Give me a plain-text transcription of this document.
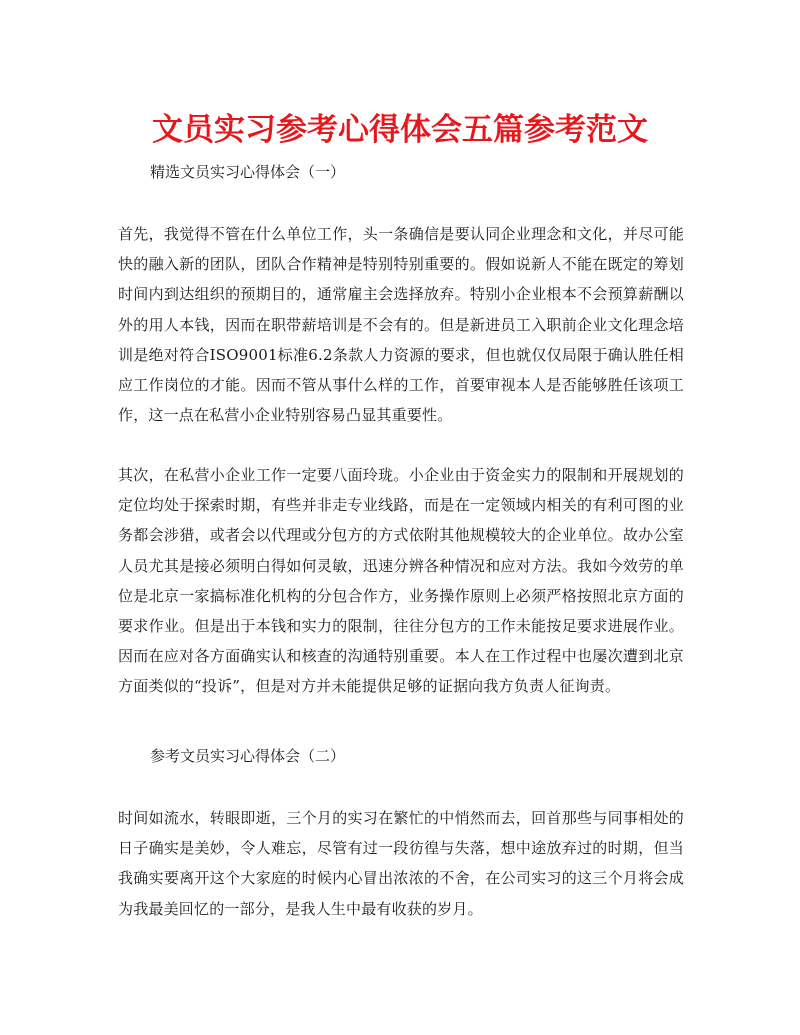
文员实习参考心得体会五篇参考范文

精选文员实习心得体会（一）

首先，我觉得不管在什么单位工作，头一条确信是要认同企业理念和文化，并尽可能快的融入新的团队，团队合作精神是特别特别重要的。假如说新人不能在既定的筹划时间内到达组织的预期目的，通常雇主会选择放弃。特别小企业根本不会预算薪酬以外的用人本钱，因而在职带薪培训是不会有的。但是新进员工入职前企业文化理念培训是绝对符合ISO9001标准6.2条款人力资源的要求，但也就仅仅局限于确认胜任相应工作岗位的才能。因而不管从事什么样的工作，首要审视本人是否能够胜任该项工作，这一点在私营小企业特别容易凸显其重要性。

其次，在私营小企业工作一定要八面玲珑。小企业由于资金实力的限制和开展规划的定位均处于探索时期，有些并非走专业线路，而是在一定领域内相关的有利可图的业务都会涉猎，或者会以代理或分包方的方式依附其他规模较大的企业单位。故办公室人员尤其是接必须明白得如何灵敏，迅速分辨各种情况和应对方法。我如今效劳的单位是北京一家搞标准化机构的分包合作方，业务操作原则上必须严格按照北京方面的要求作业。但是出于本钱和实力的限制，往往分包方的工作未能按足要求进展作业。因而在应对各方面确实认和核查的沟通特别重要。本人在工作过程中也屡次遭到北京方面类似的“投诉”，但是对方并未能提供足够的证据向我方负责人征询责。

参考文员实习心得体会（二）

时间如流水，转眼即逝，三个月的实习在繁忙的中悄然而去，回首那些与同事相处的日子确实是美妙，令人难忘，尽管有过一段彷徨与失落，想中途放弃过的时期，但当我确实要离开这个大家庭的时候内心冒出浓浓的不舍，在公司实习的这三个月将会成为我最美回忆的一部分，是我人生中最有收获的岁月。
